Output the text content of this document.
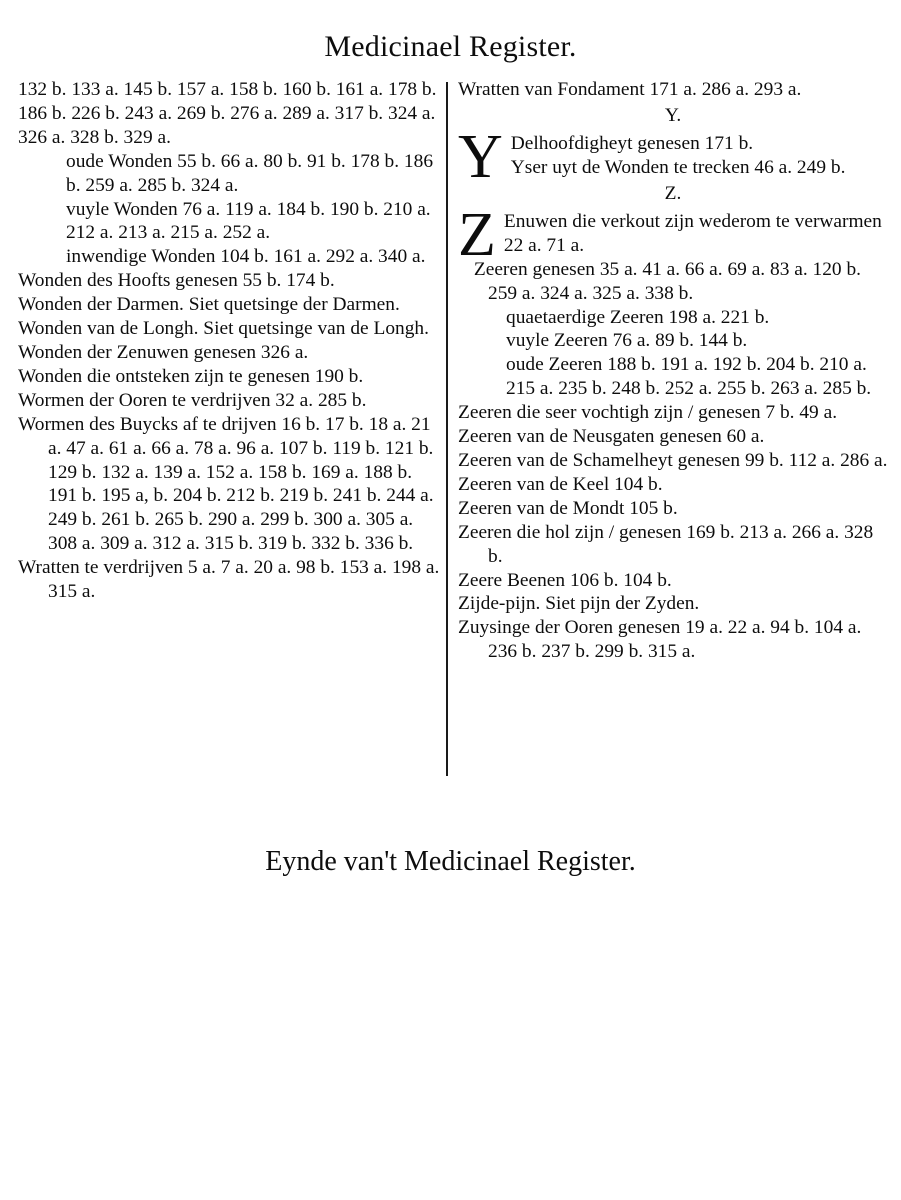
Medicinael Register.

132 b. 133 a. 145 b. 157 a. 158 b. 160 b. 161 a. 178 b. 186 b. 226 b. 243 a. 269 b. 276 a. 289 a. 317 b. 324 a. 326 a. 328 b. 329 a.

oude Wonden 55 b. 66 a. 80 b. 91 b. 178 b. 186 b. 259 a. 285 b. 324 a.

vuyle Wonden 76 a. 119 a. 184 b. 190 b. 210 a. 212 a. 213 a. 215 a. 252 a.

inwendige Wonden 104 b. 161 a. 292 a. 340 a.

Wonden des Hoofts genesen 55 b. 174 b.

Wonden der Darmen. Siet quetsinge der Darmen.

Wonden van de Longh. Siet quetsinge van de Longh.

Wonden der Zenuwen genesen 326 a.

Wonden die ontsteken zijn te genesen 190 b.

Wormen der Ooren te verdrijven 32 a. 285 b.

Wormen des Buycks af te drijven 16 b. 17 b. 18 a. 21 a. 47 a. 61 a. 66 a. 78 a. 96 a. 107 b. 119 b. 121 b. 129 b. 132 a. 139 a. 152 a. 158 b. 169 a. 188 b. 191 b. 195 a, b. 204 b. 212 b. 219 b. 241 b. 244 a. 249 b. 261 b. 265 b. 290 a. 299 b. 300 a. 305 a. 308 a. 309 a. 312 a. 315 b. 319 b. 332 b. 336 b.

Wratten te verdrijven 5 a. 7 a. 20 a. 98 b. 153 a. 198 a. 315 a.

Wratten van Fondament 171 a. 286 a. 293 a.

Y.
Y Delhoofdigheyt genesen 171 b.

Yser uyt de Wonden te trecken 46 a. 249 b.

Z.
Z Enuwen die verkout zijn wederom te verwarmen 22 a. 71 a.

Zeeren genesen 35 a. 41 a. 66 a. 69 a. 83 a. 120 b. 259 a. 324 a. 325 a. 338 b.

quaetaerdige Zeeren 198 a. 221 b.

vuyle Zeeren 76 a. 89 b. 144 b.

oude Zeeren 188 b. 191 a. 192 b. 204 b. 210 a. 215 a. 235 b. 248 b. 252 a. 255 b. 263 a. 285 b.

Zeeren die seer vochtigh zijn / genesen 7 b. 49 a.

Zeeren van de Neusgaten genesen 60 a.

Zeeren van de Schamelheyt genesen 99 b. 112 a. 286 a.

Zeeren van de Keel 104 b.

Zeeren van de Mondt 105 b.

Zeeren die hol zijn / genesen 169 b. 213 a. 266 a. 328 b.

Zeere Beenen 106 b. 104 b.

Zijde-pijn. Siet pijn der Zyden.

Zuysinge der Ooren genesen 19 a. 22 a. 94 b. 104 a. 236 b. 237 b. 299 b. 315 a.

Eynde van't Medicinael Register.
